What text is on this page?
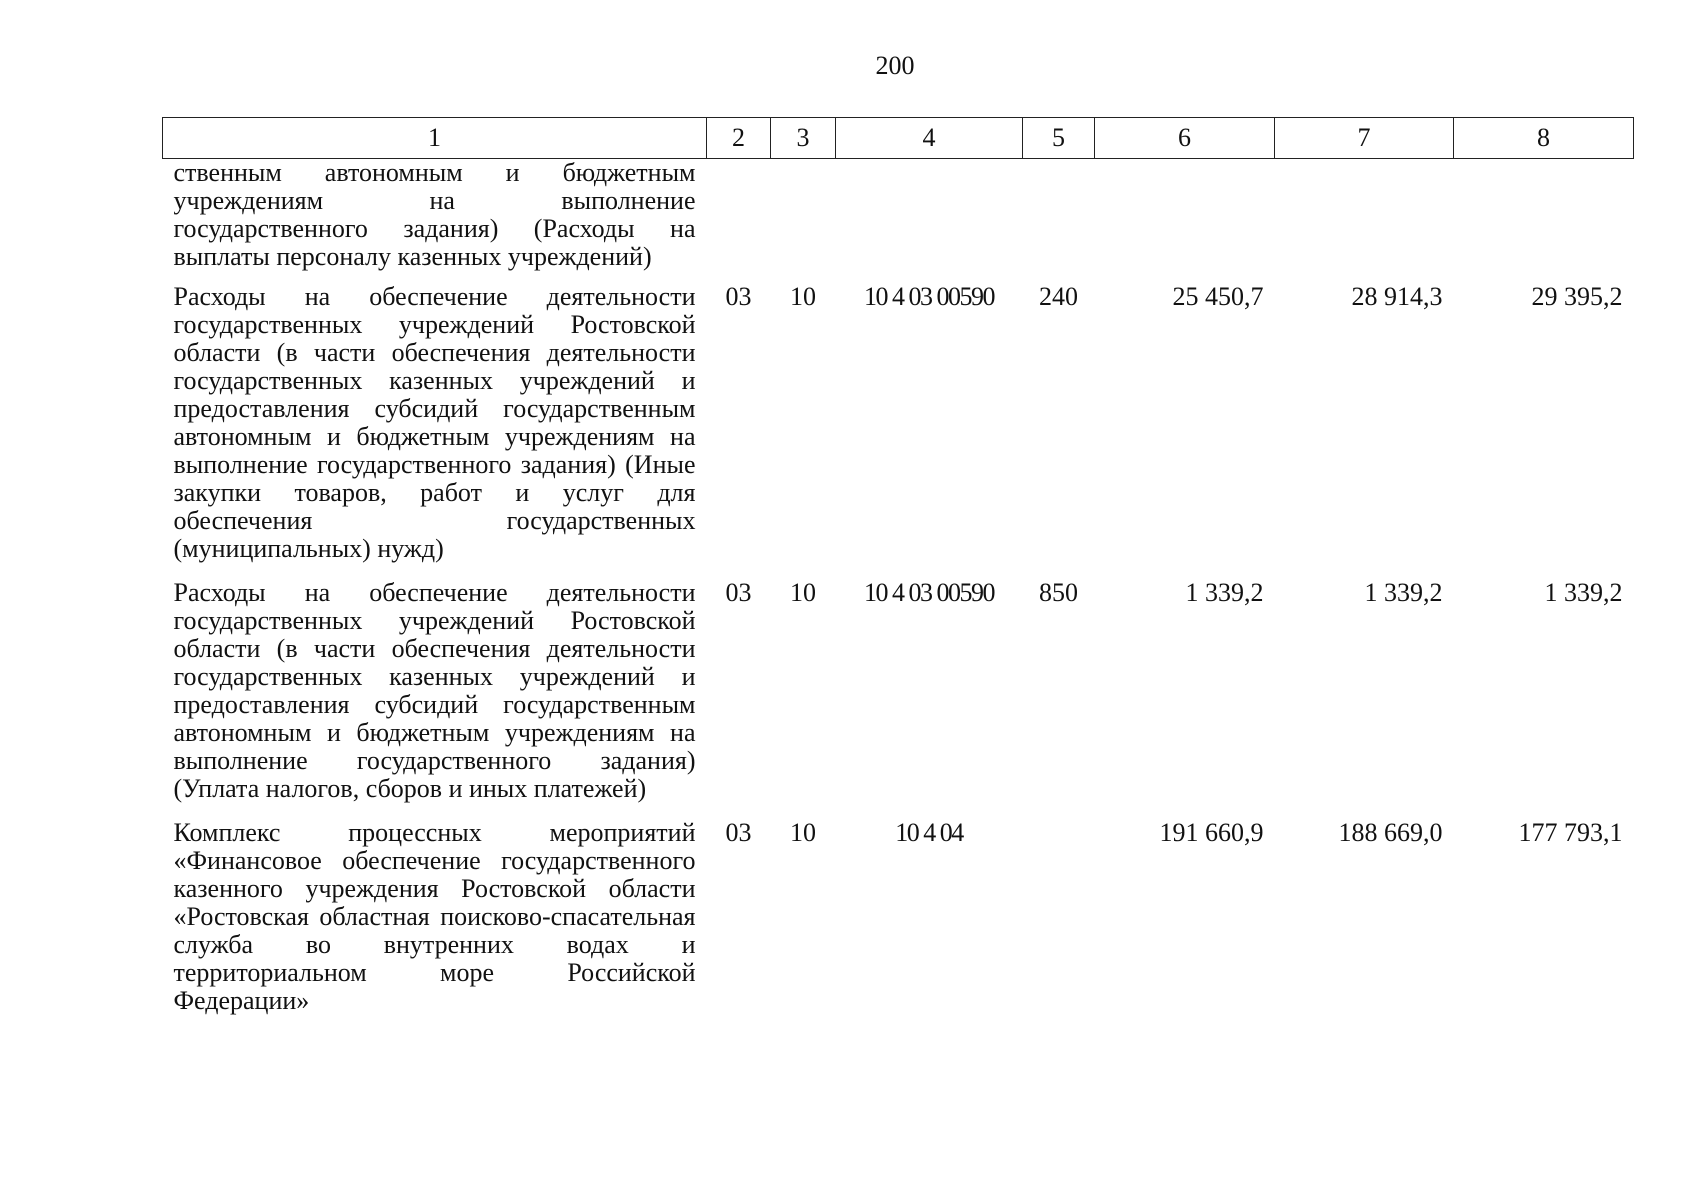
200
1	2	3	4	5	6	7	8
ственным автономным и бюджетным учреждениям на выполнение государственного задания) (Расходы на выплаты персоналу казенных учреждений)							
Расходы на обеспечение деятельности государственных учреждений Ростовской области (в части обеспечения деятельности государственных казенных учреждений и предоставления субсидий государственным автономным и бюджетным учреждениям на выполнение государственного задания) (Иные закупки товаров, работ и услуг для обеспечения государственных (муниципальных) нужд)	03	10	10 4 03 00590	240	25 450,7	28 914,3	29 395,2
Расходы на обеспечение деятельности государственных учреждений Ростовской области (в части обеспечения деятельности государственных казенных учреждений и предоставления субсидий государственным автономным и бюджетным учреждениям на выполнение государственного задания) (Уплата налогов, сборов и иных платежей)	03	10	10 4 03 00590	850	1 339,2	1 339,2	1 339,2
Комплекс процессных мероприятий «Финансовое обеспечение государственного казенного учреждения Ростовской области «Ростовская областная поисково-спасательная служба во внутренних водах и территориальном море Российской Федерации»	03	10	10 4 04		191 660,9	188 669,0	177 793,1
